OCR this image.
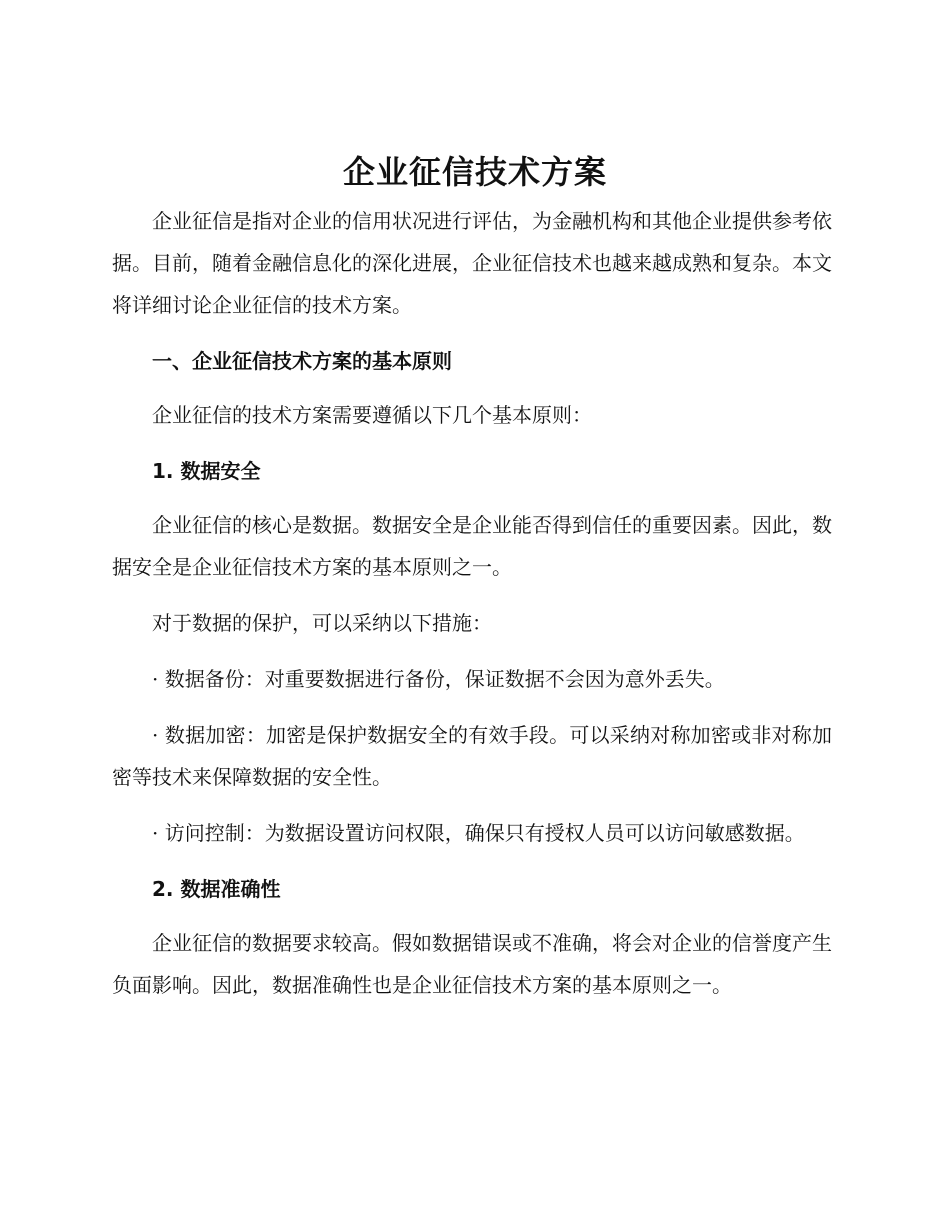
企业征信技术方案

企业征信是指对企业的信用状况进行评估，为金融机构和其他企业提供参考依据。目前，随着金融信息化的深化进展，企业征信技术也越来越成熟和复杂。本文将详细讨论企业征信的技术方案。

一、企业征信技术方案的基本原则

企业征信的技术方案需要遵循以下几个基本原则：

1. 数据安全

企业征信的核心是数据。数据安全是企业能否得到信任的重要因素。因此，数据安全是企业征信技术方案的基本原则之一。

对于数据的保护，可以采纳以下措施：

· 数据备份：对重要数据进行备份，保证数据不会因为意外丢失。

· 数据加密：加密是保护数据安全的有效手段。可以采纳对称加密或非对称加密等技术来保障数据的安全性。

· 访问控制：为数据设置访问权限，确保只有授权人员可以访问敏感数据。

2. 数据准确性

企业征信的数据要求较高。假如数据错误或不准确，将会对企业的信誉度产生负面影响。因此，数据准确性也是企业征信技术方案的基本原则之一。
